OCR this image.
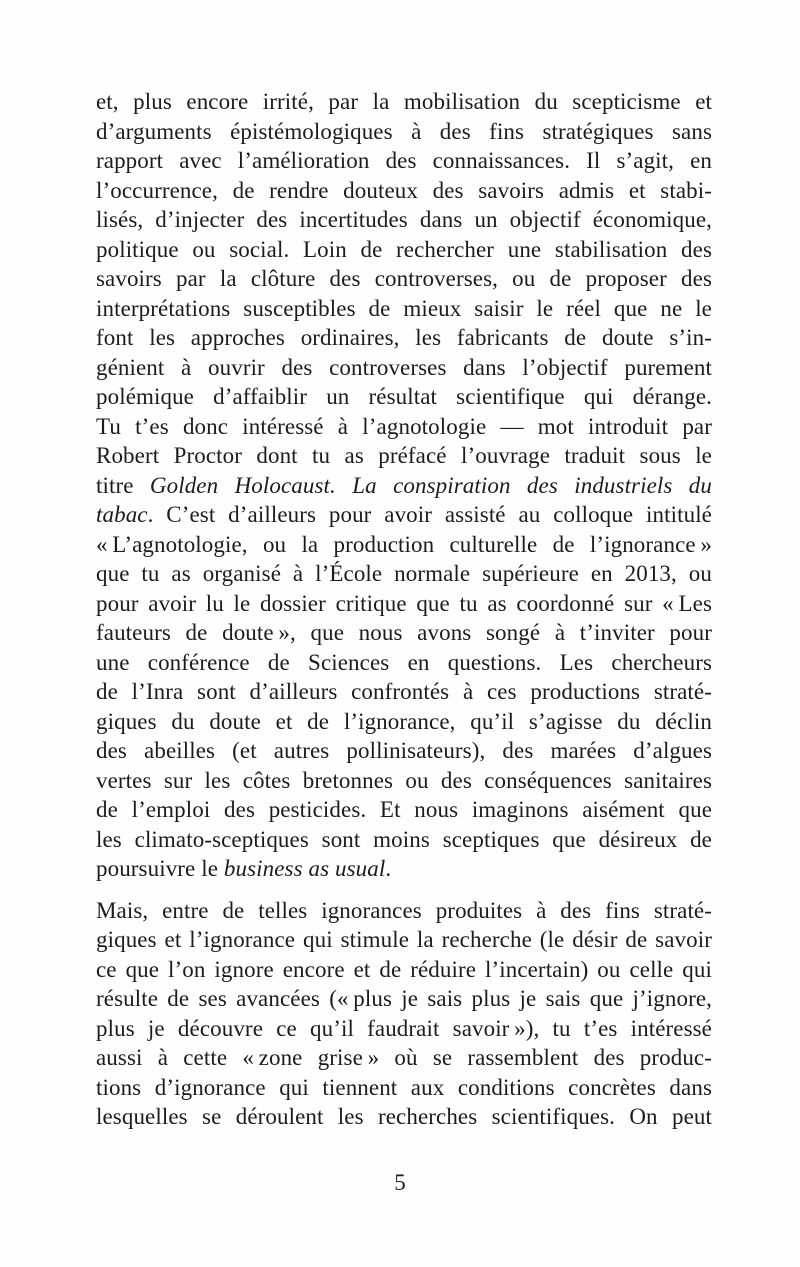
et, plus encore irrité, par la mobilisation du scepticisme et
d’arguments épistémologiques à des fins stratégiques sans
rapport avec l’amélioration des connaissances. Il s’agit, en
l’occurrence, de rendre douteux des savoirs admis et stabi-
lisés, d’injecter des incertitudes dans un objectif économique,
politique ou social. Loin de rechercher une stabilisation des
savoirs par la clôture des controverses, ou de proposer des
interprétations susceptibles de mieux saisir le réel que ne le
font les approches ordinaires, les fabricants de doute s’in-
génient à ouvrir des controverses dans l’objectif purement
polémique d’affaiblir un résultat scientifique qui dérange.
Tu t’es donc intéressé à l’agnotologie — mot introduit par
Robert Proctor dont tu as préfacé l’ouvrage traduit sous le
titre Golden Holocaust. La conspiration des industriels du
tabac. C’est d’ailleurs pour avoir assisté au colloque intitulé
« L’agnotologie, ou la production culturelle de l’ignorance »
que tu as organisé à l’École normale supérieure en 2013, ou
pour avoir lu le dossier critique que tu as coordonné sur « Les
fauteurs de doute », que nous avons songé à t’inviter pour
une conférence de Sciences en questions. Les chercheurs
de l’Inra sont d’ailleurs confrontés à ces productions straté-
giques du doute et de l’ignorance, qu’il s’agisse du déclin
des abeilles (et autres pollinisateurs), des marées d’algues
vertes sur les côtes bretonnes ou des conséquences sanitaires
de l’emploi des pesticides. Et nous imaginons aisément que
les climato-sceptiques sont moins sceptiques que désireux de
poursuivre le business as usual.
Mais, entre de telles ignorances produites à des fins straté-
giques et l’ignorance qui stimule la recherche (le désir de savoir
ce que l’on ignore encore et de réduire l’incertain) ou celle qui
résulte de ses avancées (« plus je sais plus je sais que j’ignore,
plus je découvre ce qu’il faudrait savoir »), tu t’es intéressé
aussi à cette « zone grise » où se rassemblent des produc-
tions d’ignorance qui tiennent aux conditions concrètes dans
lesquelles se déroulent les recherches scientifiques. On peut
5
